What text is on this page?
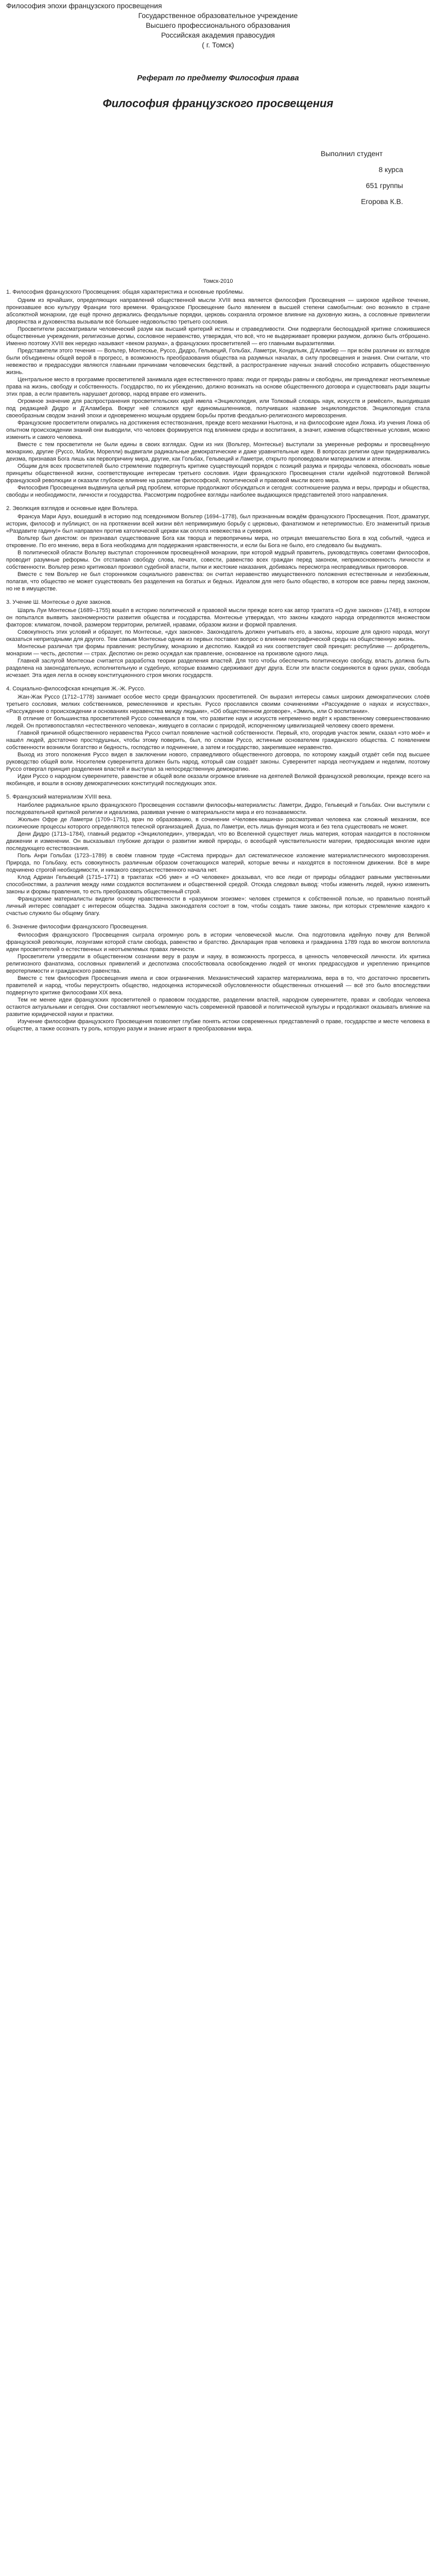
Философия эпохи французского просвещения

Государственное образовательное учреждение

Высшего профессионального образования

Российская академия правосудия

( г. Томск)

Реферат по предмету Философия права

Философия французского просвещения

Выполнил студент
8 курса
651 группы
Егорова К.В.
Томск-2010

1. Философия французского Просвещения: общая характеристика и основные проблемы.

Одним из ярчайших, определяющих направлений общественной мысли XVIII века является философия Просвещения — широкое идейное течение, пронизавшее всю культуру Франции того времени. Французское Просвещение было явлением в высшей степени самобытным: оно возникло в стране абсолютной монархии, где ещё прочно держались феодальные порядки, церковь сохраняла огромное влияние на духовную жизнь, а сословные привилегии дворянства и духовенства вызывали всё большее недовольство третьего сословия.

Просветители рассматривали человеческий разум как высший критерий истины и справедливости. Они подвергали беспощадной критике сложившиеся общественные учреждения, религиозные догмы, сословное неравенство, утверждая, что всё, что не выдерживает проверки разумом, должно быть отброшено. Именно поэтому XVIII век нередко называют «веком разума», а французских просветителей — его главными выразителями.

Представители этого течения — Вольтер, Монтескье, Руссо, Дидро, Гельвеций, Гольбах, Ламетри, Кондильяк, Д’Аламбер — при всём различии их взглядов были объединены общей верой в прогресс, в возможность преобразования общества на разумных началах, в силу просвещения и знания. Они считали, что невежество и предрассудки являются главными причинами человеческих бедствий, а распространение научных знаний способно исправить общественную жизнь.

Центральное место в программе просветителей занимала идея естественного права: люди от природы равны и свободны, им принадлежат неотъемлемые права на жизнь, свободу и собственность. Государство, по их убеждению, должно возникать на основе общественного договора и существовать ради защиты этих прав, а если правитель нарушает договор, народ вправе его изменить.

Огромное значение для распространения просветительских идей имела «Энциклопедия, или Толковый словарь наук, искусств и ремёсел», выходившая под редакцией Дидро и Д’Аламбера. Вокруг неё сложился круг единомышленников, получивших название энциклопедистов. Энциклопедия стала своеобразным сводом знаний эпохи и одновременно мощным орудием борьбы против феодально-религиозного мировоззрения.

Французские просветители опирались на достижения естествознания, прежде всего механики Ньютона, и на философские идеи Локка. Из учения Локка об опытном происхождении знаний они выводили, что человек формируется под влиянием среды и воспитания, а значит, изменив общественные условия, можно изменить и самого человека.

Вместе с тем просветители не были едины в своих взглядах. Одни из них (Вольтер, Монтескье) выступали за умеренные реформы и просвещённую монархию, другие (Руссо, Мабли, Морелли) выдвигали радикальные демократические и даже уравнительные идеи. В вопросах религии одни придерживались деизма, признавая Бога лишь как первопричину мира, другие, как Гольбах, Гельвеций и Ламетри, открыто проповедовали материализм и атеизм.

Общим для всех просветителей было стремление подвергнуть критике существующий порядок с позиций разума и природы человека, обосновать новые принципы общественной жизни, соответствующие интересам третьего сословия. Идеи французского Просвещения стали идейной подготовкой Великой французской революции и оказали глубокое влияние на развитие философской, политической и правовой мысли всего мира.

Философия Просвещения выдвинула целый ряд проблем, которые продолжают обсуждаться и сегодня: соотношение разума и веры, природы и общества, свободы и необходимости, личности и государства. Рассмотрим подробнее взгляды наиболее выдающихся представителей этого направления.

2. Эволюция взглядов и основные идеи Вольтера.

Франсуа Мари Аруэ, вошедший в историю под псевдонимом Вольтер (1694–1778), был признанным вождём французского Просвещения. Поэт, драматург, историк, философ и публицист, он на протяжении всей жизни вёл непримиримую борьбу с церковью, фанатизмом и нетерпимостью. Его знаменитый призыв «Раздавите гадину!» был направлен против католической церкви как оплота невежества и суеверия.

Вольтер был деистом: он признавал существование Бога как творца и первопричины мира, но отрицал вмешательство Бога в ход событий, чудеса и откровение. По его мнению, вера в Бога необходима для поддержания нравственности, и если бы Бога не было, его следовало бы выдумать.

В политической области Вольтер выступал сторонником просвещённой монархии, при которой мудрый правитель, руководствуясь советами философов, проводит разумные реформы. Он отстаивал свободу слова, печати, совести, равенство всех граждан перед законом, неприкосновенность личности и собственности. Вольтер резко критиковал произвол судебной власти, пытки и жестокие наказания, добиваясь пересмотра несправедливых приговоров.

Вместе с тем Вольтер не был сторонником социального равенства: он считал неравенство имущественного положения естественным и неизбежным, полагая, что общество не может существовать без разделения на богатых и бедных. Идеалом для него было общество, в котором все равны перед законом, но не в имуществе.

3. Учение Ш. Монтескье о духе законов.

Шарль Луи Монтескье (1689–1755) вошёл в историю политической и правовой мысли прежде всего как автор трактата «О духе законов» (1748), в котором он попытался выявить закономерности развития общества и государства. Монтескье утверждал, что законы каждого народа определяются множеством факторов: климатом, почвой, размером территории, религией, нравами, образом жизни и формой правления.

Совокупность этих условий и образует, по Монтескье, «дух законов». Законодатель должен учитывать его, а законы, хорошие для одного народа, могут оказаться непригодными для другого. Тем самым Монтескье одним из первых поставил вопрос о влиянии географической среды на общественную жизнь.

Монтескье различал три формы правления: республику, монархию и деспотию. Каждой из них соответствует свой принцип: республике — добродетель, монархии — честь, деспотии — страх. Деспотию он резко осуждал как правление, основанное на произволе одного лица.

Главной заслугой Монтескье считается разработка теории разделения властей. Для того чтобы обеспечить политическую свободу, власть должна быть разделена на законодательную, исполнительную и судебную, которые взаимно сдерживают друг друга. Если эти власти соединяются в одних руках, свобода исчезает. Эта идея легла в основу конституционного строя многих государств.

4. Социально-философская концепция Ж.-Ж. Руссо.

Жан-Жак Руссо (1712–1778) занимает особое место среди французских просветителей. Он выразил интересы самых широких демократических слоёв третьего сословия, мелких собственников, ремесленников и крестьян. Руссо прославился своими сочинениями «Рассуждение о науках и искусствах», «Рассуждение о происхождении и основаниях неравенства между людьми», «Об общественном договоре», «Эмиль, или О воспитании».

В отличие от большинства просветителей Руссо сомневался в том, что развитие наук и искусств непременно ведёт к нравственному совершенствованию людей. Он противопоставлял «естественного человека», живущего в согласии с природой, испорченному цивилизацией человеку своего времени.

Главной причиной общественного неравенства Руссо считал появление частной собственности. Первый, кто, огородив участок земли, сказал «это моё» и нашёл людей, достаточно простодушных, чтобы этому поверить, был, по словам Руссо, истинным основателем гражданского общества. С появлением собственности возникли богатство и бедность, господство и подчинение, а затем и государство, закрепившее неравенство.

Выход из этого положения Руссо видел в заключении нового, справедливого общественного договора, по которому каждый отдаёт себя под высшее руководство общей воли. Носителем суверенитета должен быть народ, который сам создаёт законы. Суверенитет народа неотчуждаем и неделим, поэтому Руссо отвергал принцип разделения властей и выступал за непосредственную демократию.

Идеи Руссо о народном суверенитете, равенстве и общей воле оказали огромное влияние на деятелей Великой французской революции, прежде всего на якобинцев, и вошли в основу демократических конституций последующих эпох.

5. Французский материализм XVIII века.

Наиболее радикальное крыло французского Просвещения составили философы-материалисты: Ламетри, Дидро, Гельвеций и Гольбах. Они выступили с последовательной критикой религии и идеализма, развивая учение о материальности мира и его познаваемости.

Жюльен Офре де Ламетри (1709–1751), врач по образованию, в сочинении «Человек-машина» рассматривал человека как сложный механизм, все психические процессы которого определяются телесной организацией. Душа, по Ламетри, есть лишь функция мозга и без тела существовать не может.

Дени Дидро (1713–1784), главный редактор «Энциклопедии», утверждал, что во Вселенной существует лишь материя, которая находится в постоянном движении и изменении. Он высказывал глубокие догадки о развитии живой природы, о всеобщей чувствительности материи, предвосхищая многие идеи последующего естествознания.

Поль Анри Гольбах (1723–1789) в своём главном труде «Система природы» дал систематическое изложение материалистического мировоззрения. Природа, по Гольбаху, есть совокупность различным образом сочетающихся материй, которые вечны и находятся в постоянном движении. Всё в мире подчинено строгой необходимости, и никакого сверхъестественного начала нет.

Клод Адриан Гельвеций (1715–1771) в трактатах «Об уме» и «О человеке» доказывал, что все люди от природы обладают равными умственными способностями, а различия между ними создаются воспитанием и общественной средой. Отсюда следовал вывод: чтобы изменить людей, нужно изменить законы и формы правления, то есть преобразовать общественный строй.

Французские материалисты видели основу нравственности в «разумном эгоизме»: человек стремится к собственной пользе, но правильно понятый личный интерес совпадает с интересом общества. Задача законодателя состоит в том, чтобы создать такие законы, при которых стремление каждого к счастью служило бы общему благу.

6. Значение философии французского Просвещения.

Философия французского Просвещения сыграла огромную роль в истории человеческой мысли. Она подготовила идейную почву для Великой французской революции, лозунгами которой стали свобода, равенство и братство. Декларация прав человека и гражданина 1789 года во многом воплотила идеи просветителей о естественных и неотъемлемых правах личности.

Просветители утвердили в общественном сознании веру в разум и науку, в возможность прогресса, в ценность человеческой личности. Их критика религиозного фанатизма, сословных привилегий и деспотизма способствовала освобождению людей от многих предрассудков и укреплению принципов веротерпимости и гражданского равенства.

Вместе с тем философия Просвещения имела и свои ограничения. Механистический характер материализма, вера в то, что достаточно просветить правителей и народ, чтобы переустроить общество, недооценка исторической обусловленности общественных отношений — всё это было впоследствии подвергнуто критике философами XIX века.

Тем не менее идеи французских просветителей о правовом государстве, разделении властей, народном суверенитете, правах и свободах человека остаются актуальными и сегодня. Они составляют неотъемлемую часть современной правовой и политической культуры и продолжают оказывать влияние на развитие юридической науки и практики.

Изучение философии французского Просвещения позволяет глубже понять истоки современных представлений о праве, государстве и месте человека в обществе, а также осознать ту роль, которую разум и знание играют в преобразовании мира.
